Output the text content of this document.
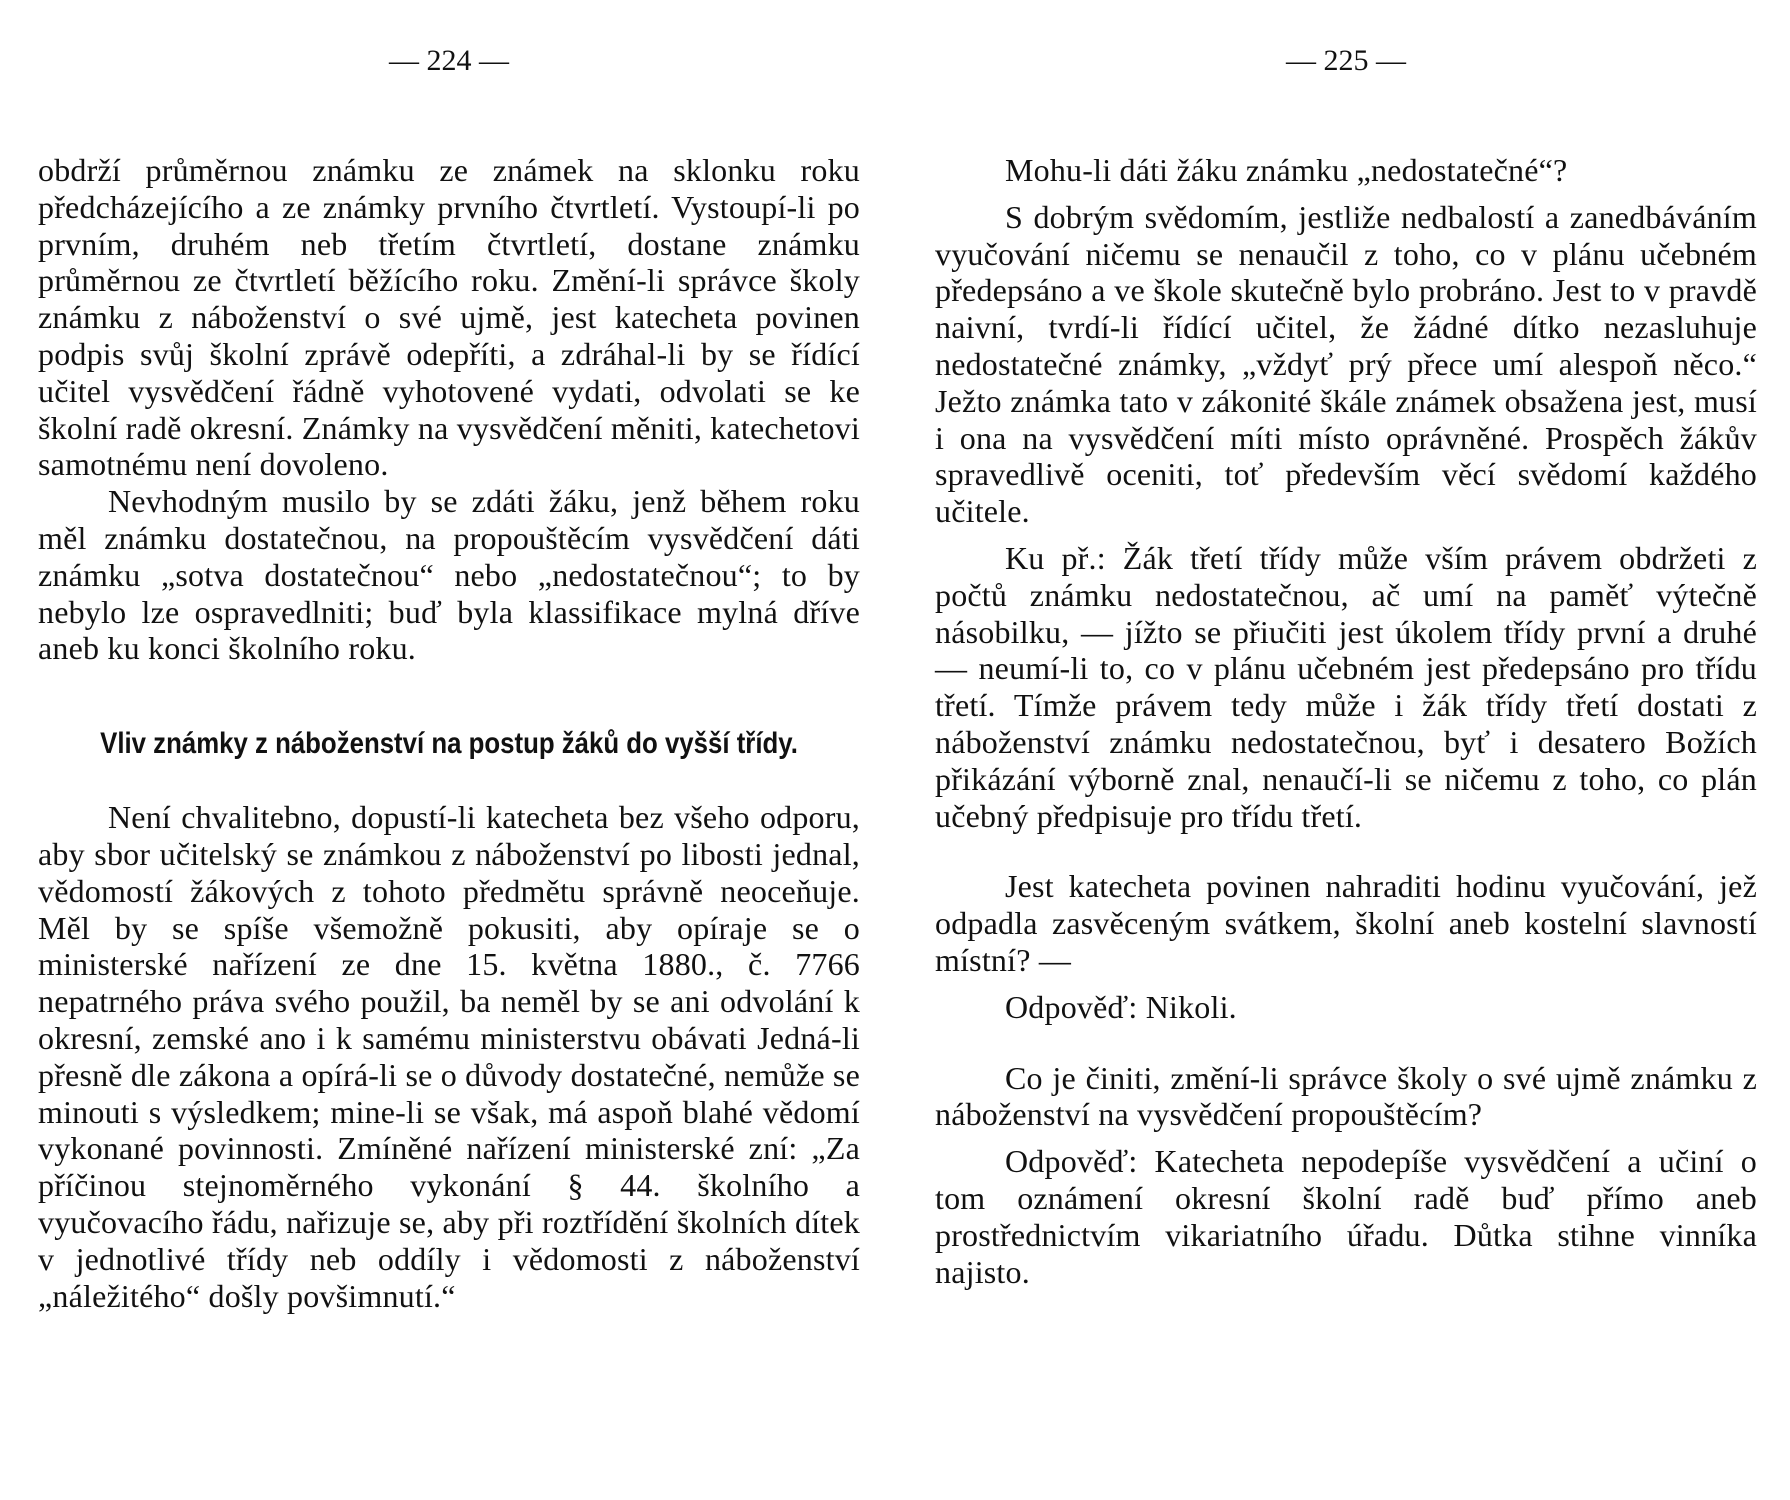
— 224 —

obdrží průměrnou známku ze známek na sklonku roku předcházejícího a ze známky prvního čtvrtletí. Vystoupí-li po prvním, druhém neb třetím čtvrtletí, dostane známku průměrnou ze čtvrtletí běžícího roku. Změní-li správce školy známku z náboženství o své ujmě, jest katecheta povinen podpis svůj školní zprávě odepříti, a zdráhal-li by se řídící učitel vysvědčení řádně vyhotovené vydati, odvolati se ke školní radě okresní. Známky na vysvědčení měniti, katechetovi samotnému není dovoleno.

Nevhodným musilo by se zdáti žáku, jenž během roku měl známku dostatečnou, na propouštěcím vysvědčení dáti známku „sotva dostatečnou“ nebo „nedostatečnou“; to by nebylo lze ospravedlniti; buď byla klassifikace mylná dříve aneb ku konci školního roku.

Vliv známky z náboženství na postup žáků do vyšší třídy.

Není chvalitebno, dopustí-li katecheta bez všeho odporu, aby sbor učitelský se známkou z náboženství po libosti jednal, vědomostí žákových z tohoto předmětu správně neoceňuje. Měl by se spíše všemožně pokusiti, aby opíraje se o ministerské nařízení ze dne 15. května 1880., č. 7766 nepatrného práva svého použil, ba neměl by se ani odvolání k okresní, zemské ano i k samému ministerstvu obávati Jedná-li přesně dle zákona a opírá-li se o důvody dostatečné, nemůže se minouti s výsledkem; mine-li se však, má aspoň blahé vědomí vykonané povinnosti. Zmíněné nařízení ministerské zní: „Za příčinou stejnoměrného vykonání § 44. školního a vyučovacího řádu, nařizuje se, aby při roztřídění školních dítek v jednotlivé třídy neb oddíly i vědomosti z náboženství „náležitého“ došly povšimnutí.“

— 225 —

Mohu-li dáti žáku známku „nedostatečné“?

S dobrým svědomím, jestliže nedbalostí a zanedbáváním vyučování ničemu se nenaučil z toho, co v plánu učebném předepsáno a ve škole skutečně bylo probráno. Jest to v pravdě naivní, tvrdí-li řídící učitel, že žádné dítko nezasluhuje nedostatečné známky, „vždyť prý přece umí alespoň něco.“ Ježto známka tato v zákonité škále známek obsažena jest, musí i ona na vysvědčení míti místo oprávněné. Prospěch žákův spravedlivě oceniti, toť především věcí svědomí každého učitele.

Ku př.: Žák třetí třídy může vším právem obdržeti z počtů známku nedostatečnou, ač umí na paměť výtečně násobilku, — jížto se přiučiti jest úkolem třídy první a druhé — neumí-li to, co v plánu učebném jest předepsáno pro třídu třetí. Tímže právem tedy může i žák třídy třetí dostati z náboženství známku nedostatečnou, byť i desatero Božích přikázání výborně znal, nenaučí-li se ničemu z toho, co plán učebný předpisuje pro třídu třetí.

Jest katecheta povinen nahraditi hodinu vyučování, jež odpadla zasvěceným svátkem, školní aneb kostelní slavností místní? —

Odpověď: Nikoli.

Co je činiti, změní-li správce školy o své ujmě známku z náboženství na vysvědčení propouštěcím?

Odpověď: Katecheta nepodepíše vysvědčení a učiní o tom oznámení okresní školní radě buď přímo aneb prostřednictvím vikariatního úřadu. Důtka stihne vinníka najisto.
